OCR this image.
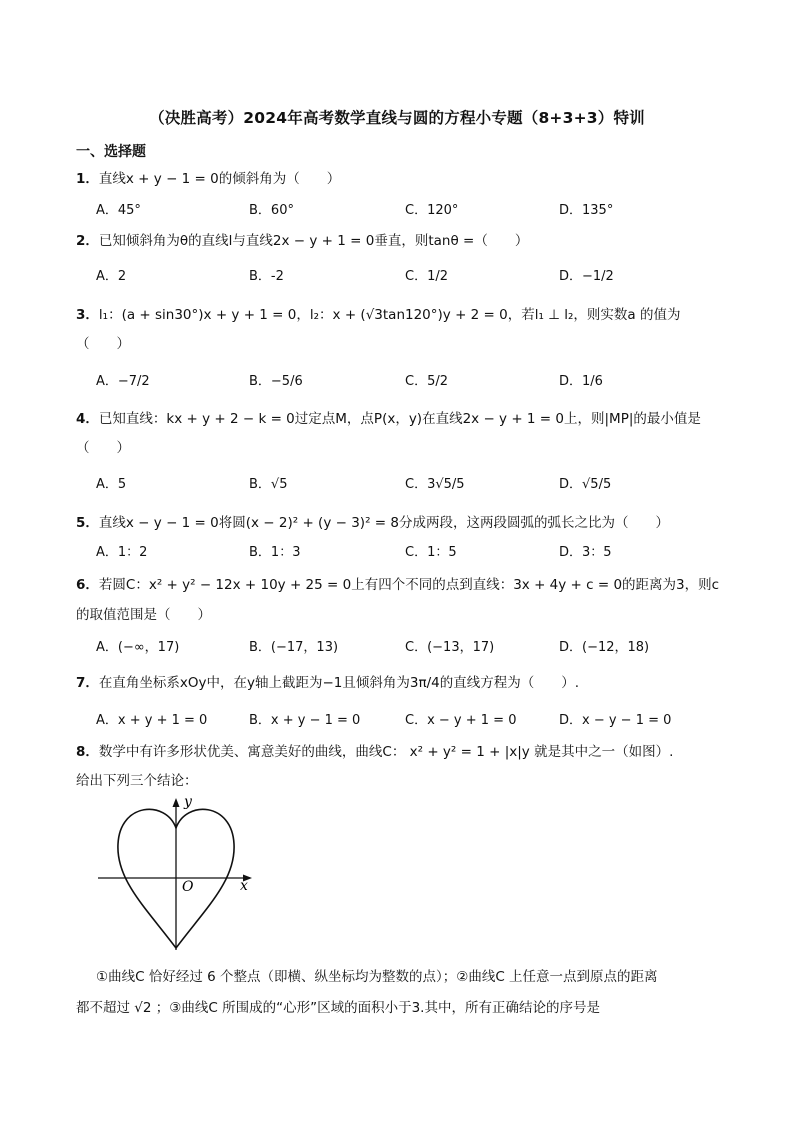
（决胜高考）2024年高考数学直线与圆的方程小专题（8+3+3）特训
一、选择题
1．直线x + y − 1 = 0的倾斜角为（　　）
A．45°	B．60°	C．120°	D．135°
2．已知倾斜角为θ的直线l与直线2x − y + 1 = 0垂直，则tanθ =（　　）
A．2	B．-2	C．1/2	D．−1/2
3．l₁：(a + sin30°)x + y + 1 = 0，l₂：x + (√3tan120°)y + 2 = 0，若l₁ ⊥ l₂，则实数a 的值为
（　　）
A．−7/2	B．−5/6	C．5/2	D．1/6
4．已知直线：kx + y + 2 − k = 0过定点M，点P(x，y)在直线2x − y + 1 = 0上，则|MP|的最小值是
（　　）
A．5	B．√5	C．3√5/5	D．√5/5
5．直线x − y − 1 = 0将圆(x − 2)² + (y − 3)² = 8分成两段，这两段圆弧的弧长之比为（　　）
A．1：2	B．1：3	C．1：5	D．3：5
6．若圆C：x² + y² − 12x + 10y + 25 = 0上有四个不同的点到直线：3x + 4y + c = 0的距离为3，则c
的取值范围是（　　）
A．(−∞，17)	B．(−17，13)	C．(−13，17)	D．(−12，18)
7．在直角坐标系xOy中，在y轴上截距为−1且倾斜角为3π/4的直线方程为（　　）.
A．x + y + 1 = 0	B．x + y − 1 = 0	C．x − y + 1 = 0	D．x − y − 1 = 0
8．数学中有许多形状优美、寓意美好的曲线，曲线C： x² + y² = 1 + |x|y 就是其中之一（如图）.
给出下列三个结论：
y
x
O
①曲线C 恰好经过 6 个整点（即横、纵坐标均为整数的点）；②曲线C 上任意一点到原点的距离
都不超过 √2 ；③曲线C 所围成的“心形”区域的面积小于3.其中，所有正确结论的序号是
